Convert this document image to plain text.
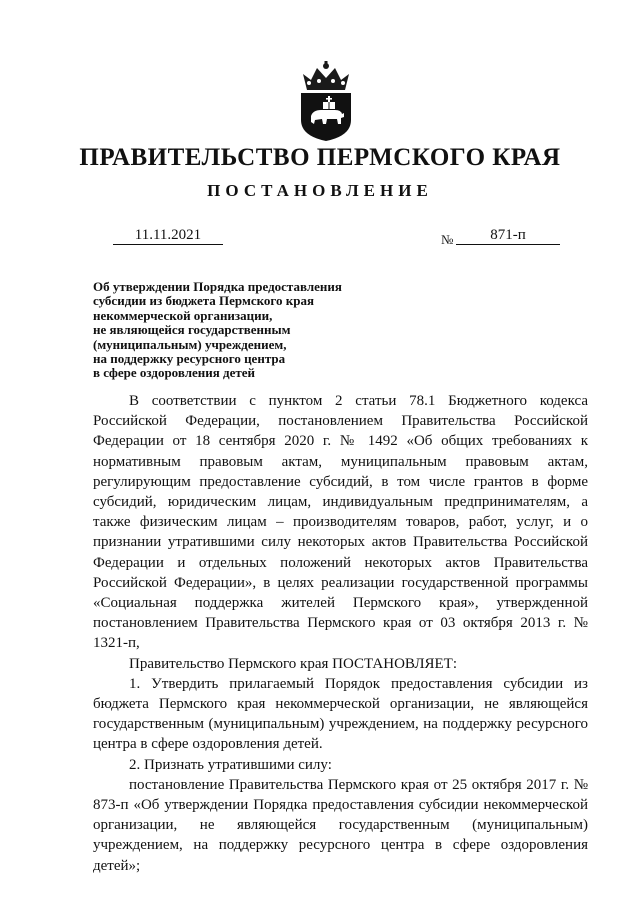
ПРАВИТЕЛЬСТВО ПЕРМСКОГО КРАЯ
ПОСТАНОВЛЕНИЕ
11.11.2021	№	871-п
Об утверждении Порядка предоставления
субсидии из бюджета Пермского края
некоммерческой организации,
не являющейся государственным
(муниципальным) учреждением,
на поддержку ресурсного центра
в сфере оздоровления детей

В соответствии с пунктом 2 статьи 78.1 Бюджетного кодекса Российской Федерации, постановлением Правительства Российской Федерации от 18 сентября 2020 г. № 1492 «Об общих требованиях к нормативным правовым актам, муниципальным правовым актам, регулирующим предоставление субсидий, в том числе грантов в форме субсидий, юридическим лицам, индивидуальным предпринимателям, а также физическим лицам – производителям товаров, работ, услуг, и о признании утратившими силу некоторых актов Правительства Российской Федерации и отдельных положений некоторых актов Правительства Российской Федерации», в целях реализации государственной программы «Социальная поддержка жителей Пермского края», утвержденной постановлением Правительства Пермского края от 03 октября 2013 г. № 1321-п,

Правительство Пермского края ПОСТАНОВЛЯЕТ:

1. Утвердить прилагаемый Порядок предоставления субсидии из бюджета Пермского края некоммерческой организации, не являющейся государственным (муниципальным) учреждением, на поддержку ресурсного центра в сфере оздоровления детей.

2. Признать утратившими силу:

постановление Правительства Пермского края от 25 октября 2017 г. № 873-п «Об утверждении Порядка предоставления субсидии некоммерческой организации, не являющейся государственным (муниципальным) учреждением, на поддержку ресурсного центра в сфере оздоровления детей»;
